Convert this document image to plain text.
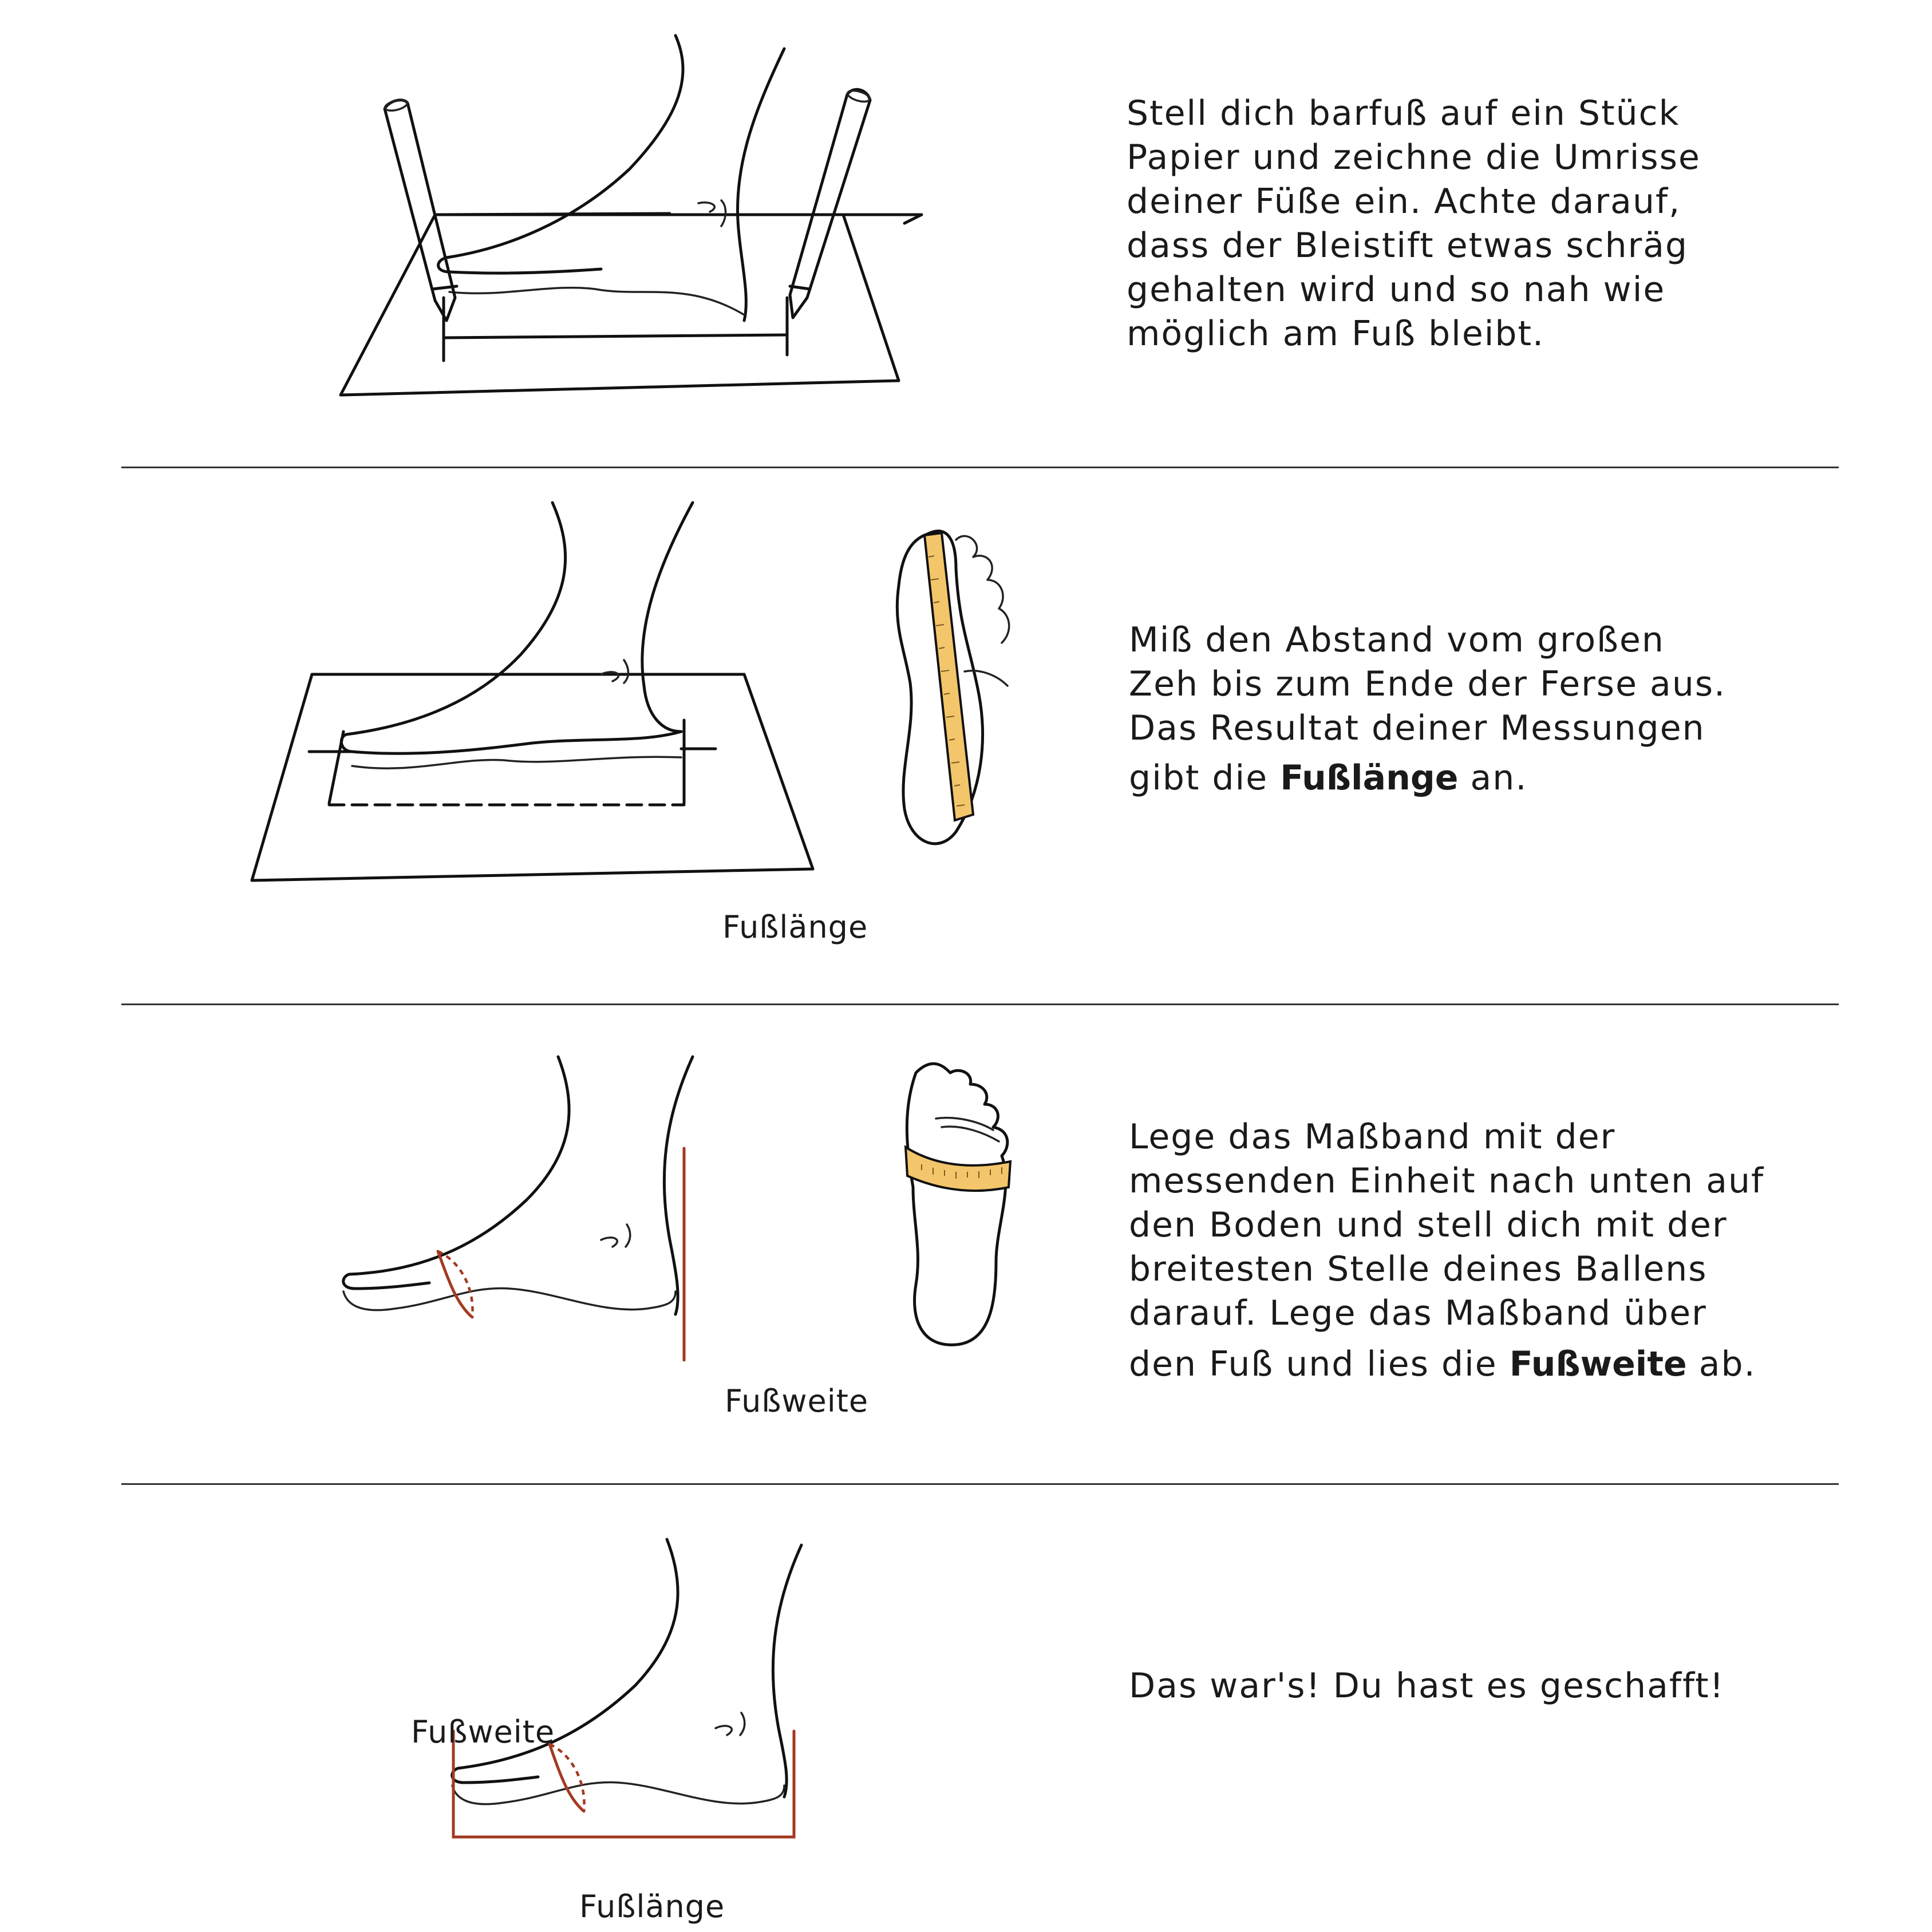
Stell dich barfuß auf ein Stück
Papier und zeichne die Umrisse
deiner Füße ein. Achte darauf,
dass der Bleistift etwas schräg
gehalten wird und so nah wie
möglich am Fuß bleibt.
Fußlänge
Miß den Abstand vom großen
Zeh bis zum Ende der Ferse aus.
Das Resultat deiner Messungen
gibt die Fußlänge an.
Fußweite
Lege das Maßband mit der
messenden Einheit nach unten auf
den Boden und stell dich mit der
breitesten Stelle deines Ballens
darauf. Lege das Maßband über
den Fuß und lies die Fußweite ab.
Fußweite
Fußlänge
Das war's! Du hast es geschafft!
